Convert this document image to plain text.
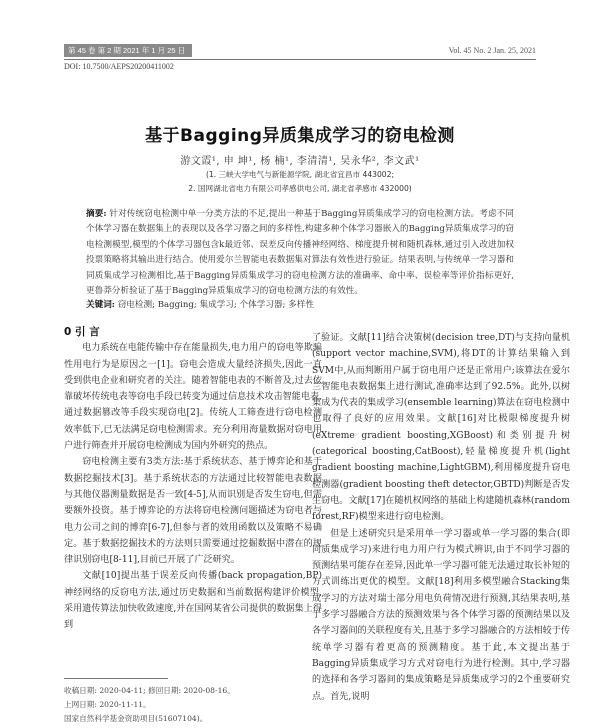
第 45 卷 第 2 期 2021 年 1 月 25 日	Vol. 45 No. 2 Jan. 25, 2021
DOI: 10.7500/AEPS20200411002
基于Bagging异质集成学习的窃电检测
游文霞¹, 申 坤¹, 杨 楠¹, 李清清¹, 吴永华², 李文武¹
(1. 三峡大学电气与新能源学院, 湖北省宜昌市 443002;
2. 国网湖北省电力有限公司孝感供电公司, 湖北省孝感市 432000)

摘要: 针对传统窃电检测中单一分类方法的不足,提出一种基于Bagging异质集成学习的窃电检测方法。考虑不同个体学习器在数据集上的表现以及各学习器之间的多样性,构建多种个体学习器嵌入的Bagging异质集成学习的窃电检测模型,模型的个体学习器包含k最近邻、误差反向传播神经网络、梯度提升树和随机森林,通过引入改进加权投票策略将其输出进行结合。使用爱尔兰智能电表数据集对算法有效性进行验证。结果表明,与传统单一学习器和同质集成学习检测相比,基于Bagging异质集成学习的窃电检测方法的准确率、命中率、误检率等评价指标更好,更鲁莽分析验证了基于Bagging异质集成学习的窃电检测方法的有效性。

关键词: 窃电检测; Bagging; 集成学习; 个体学习器; 多样性

0 引 言

电力系统在电能传输中存在能量损失,电力用户的窃电等欺骗性用电行为是原因之一[1]。窃电会造成大量经济损失,因此一直受到供电企业和研究者的关注。随着智能电表的不断普及,过去依靠破坏传统电表等窃电手段已转变为通过信息技术攻击智能电表,通过数据篡改等手段实现窃电[2]。传统人工筛查进行窃电检测效率低下,已无法满足窃电检测需求。充分利用海量数据对窃电用户进行筛查并开展窃电检测成为国内外研究的热点。

窃电检测主要有3类方法:基于系统状态、基于博弈论和基于数据挖掘技术[3]。基于系统状态的方法通过比较智能电表数据与其他仪器测量数据是否一致[4-5],从而识别是否发生窃电,但需要额外投资。基于博弈论的方法将窃电检测问题描述为窃电者与电力公司之间的博弈[6-7],但参与者的效用函数以及策略不易确定。基于数据挖掘技术的方法则只需要通过挖掘数据中潜在的规律识别窃电[8-11],目前已开展了广泛研究。

文献[10]提出基于误差反向传播(back propagation,BP)神经网络的反窃电方法,通过历史数据和当前数据构建评价模型,采用遗传算法加快收敛速度,并在国网某省公司提供的数据集上得到

了验证。文献[11]结合决策树(decision tree,DT)与支持向量机(support vector machine,SVM),将DT的计算结果输入到SVM中,从而判断用户属于窃电用户还是正常用户;该算法在爱尔兰智能电表数据集上进行测试,准确率达到了92.5%。此外,以树集成为代表的集成学习(ensemble learning)算法在窃电检测中也取得了良好的应用效果。文献[16]对比极限梯度提升树(eXtreme gradient boosting,XGBoost)和类别提升树(categorical boosting,CatBoost),轻量梯度提升机(light gradient boosting machine,LightGBM),利用梯度提升窃电检测器(gradient boosting theft detector,GBTD)判断是否发生窃电。文献[17]在随机权网络的基础上构建随机森林(random forest,RF)模型来进行窃电检测。

但是上述研究只是采用单一学习器或单一学习器的集合(即同质集成学习)来进行电力用户行为模式辨识,由于不同学习器的预测结果可能存在差异,因此单一学习器可能无法通过取长补短的方式训练出更优的模型。文献[18]利用多模型融合Stacking集成学习的方法对瑞士部分用电负荷情况进行预测,其结果表明,基于多学习器融合方法的预测效果与各个体学习器的预测结果以及各学习器间的关联程度有关,且基于多学习器融合的方法相较于传统单学习器有着更高的预测精度。基于此,本文提出基于Bagging异质集成学习方式对窃电行为进行检测。其中,学习器的选择和各学习器间的集成策略是异质集成学习的2个重要研究点。首先,说明

收稿日期: 2020-04-11; 修回日期: 2020-08-16。
上网日期: 2020-11-11。
国家自然科学基金资助项目(51607104)。
